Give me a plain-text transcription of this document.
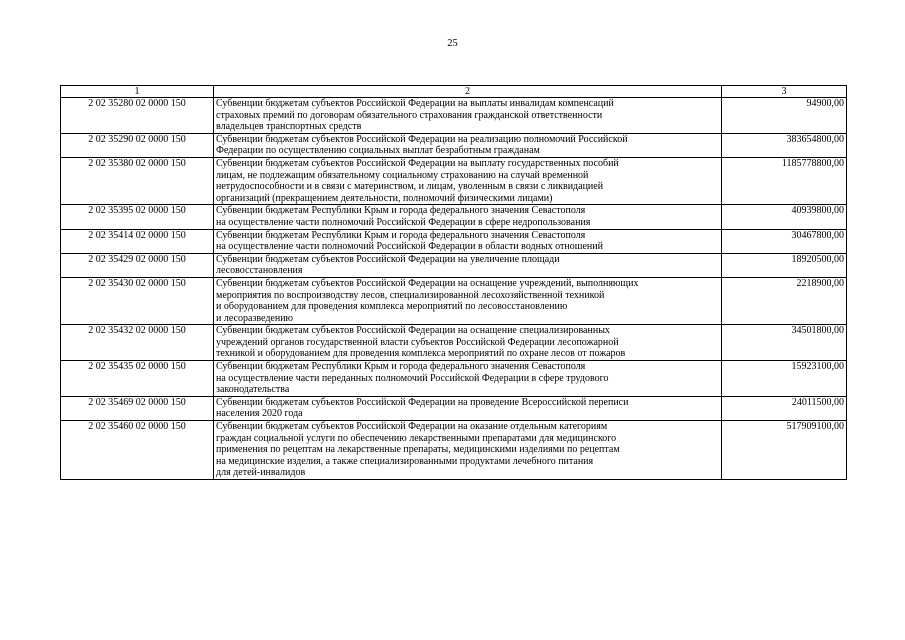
25
1	2	3
2 02 35280 02 0000 150	Субвенции бюджетам субъектов Российской Федерации на выплаты инвалидам компенсаций
страховых премий по договорам обязательного страхования гражданской ответственности
владельцев транспортных средств	94900,00
2 02 35290 02 0000 150	Субвенции бюджетам субъектов Российской Федерации на реализацию полномочий Российской
Федерации по осуществлению социальных выплат безработным гражданам	383654800,00
2 02 35380 02 0000 150	Субвенции бюджетам субъектов Российской Федерации на выплату государственных пособий
лицам, не подлежащим обязательному социальному страхованию на случай временной
нетрудоспособности и в связи с материнством, и лицам, уволенным в связи с ликвидацией
организаций (прекращением деятельности, полномочий физическими лицами)	1185778800,00
2 02 35395 02 0000 150	Субвенции бюджетам Республики Крым и города федерального значения Севастополя
на осуществление части полномочий Российской Федерации в сфере недропользования	40939800,00
2 02 35414 02 0000 150	Субвенции бюджетам Республики Крым и города федерального значения Севастополя
на осуществление части полномочий Российской Федерации в области водных отношений	30467800,00
2 02 35429 02 0000 150	Субвенции бюджетам субъектов Российской Федерации на увеличение площади
лесовосстановления	18920500,00
2 02 35430 02 0000 150	Субвенции бюджетам субъектов Российской Федерации на оснащение учреждений, выполняющих
мероприятия по воспроизводству лесов, специализированной лесохозяйственной техникой
и оборудованием для проведения комплекса мероприятий по лесовосстановлению
и лесоразведению	2218900,00
2 02 35432 02 0000 150	Субвенции бюджетам субъектов Российской Федерации на оснащение специализированных
учреждений органов государственной власти субъектов Российской Федерации лесопожарной
техникой и оборудованием для проведения комплекса мероприятий по охране лесов от пожаров	34501800,00
2 02 35435 02 0000 150	Субвенции бюджетам Республики Крым и города федерального значения Севастополя
на осуществление части переданных полномочий Российской Федерации в сфере трудового
законодательства	15923100,00
2 02 35469 02 0000 150	Субвенции бюджетам субъектов Российской Федерации на проведение Всероссийской переписи
населения 2020 года	24011500,00
2 02 35460 02 0000 150	Субвенции бюджетам субъектов Российской Федерации на оказание отдельным категориям
граждан социальной услуги по обеспечению лекарственными препаратами для медицинского
применения по рецептам на лекарственные препараты, медицинскими изделиями по рецептам
на медицинские изделия, а также специализированными продуктами лечебного питания
для детей-инвалидов	517909100,00
